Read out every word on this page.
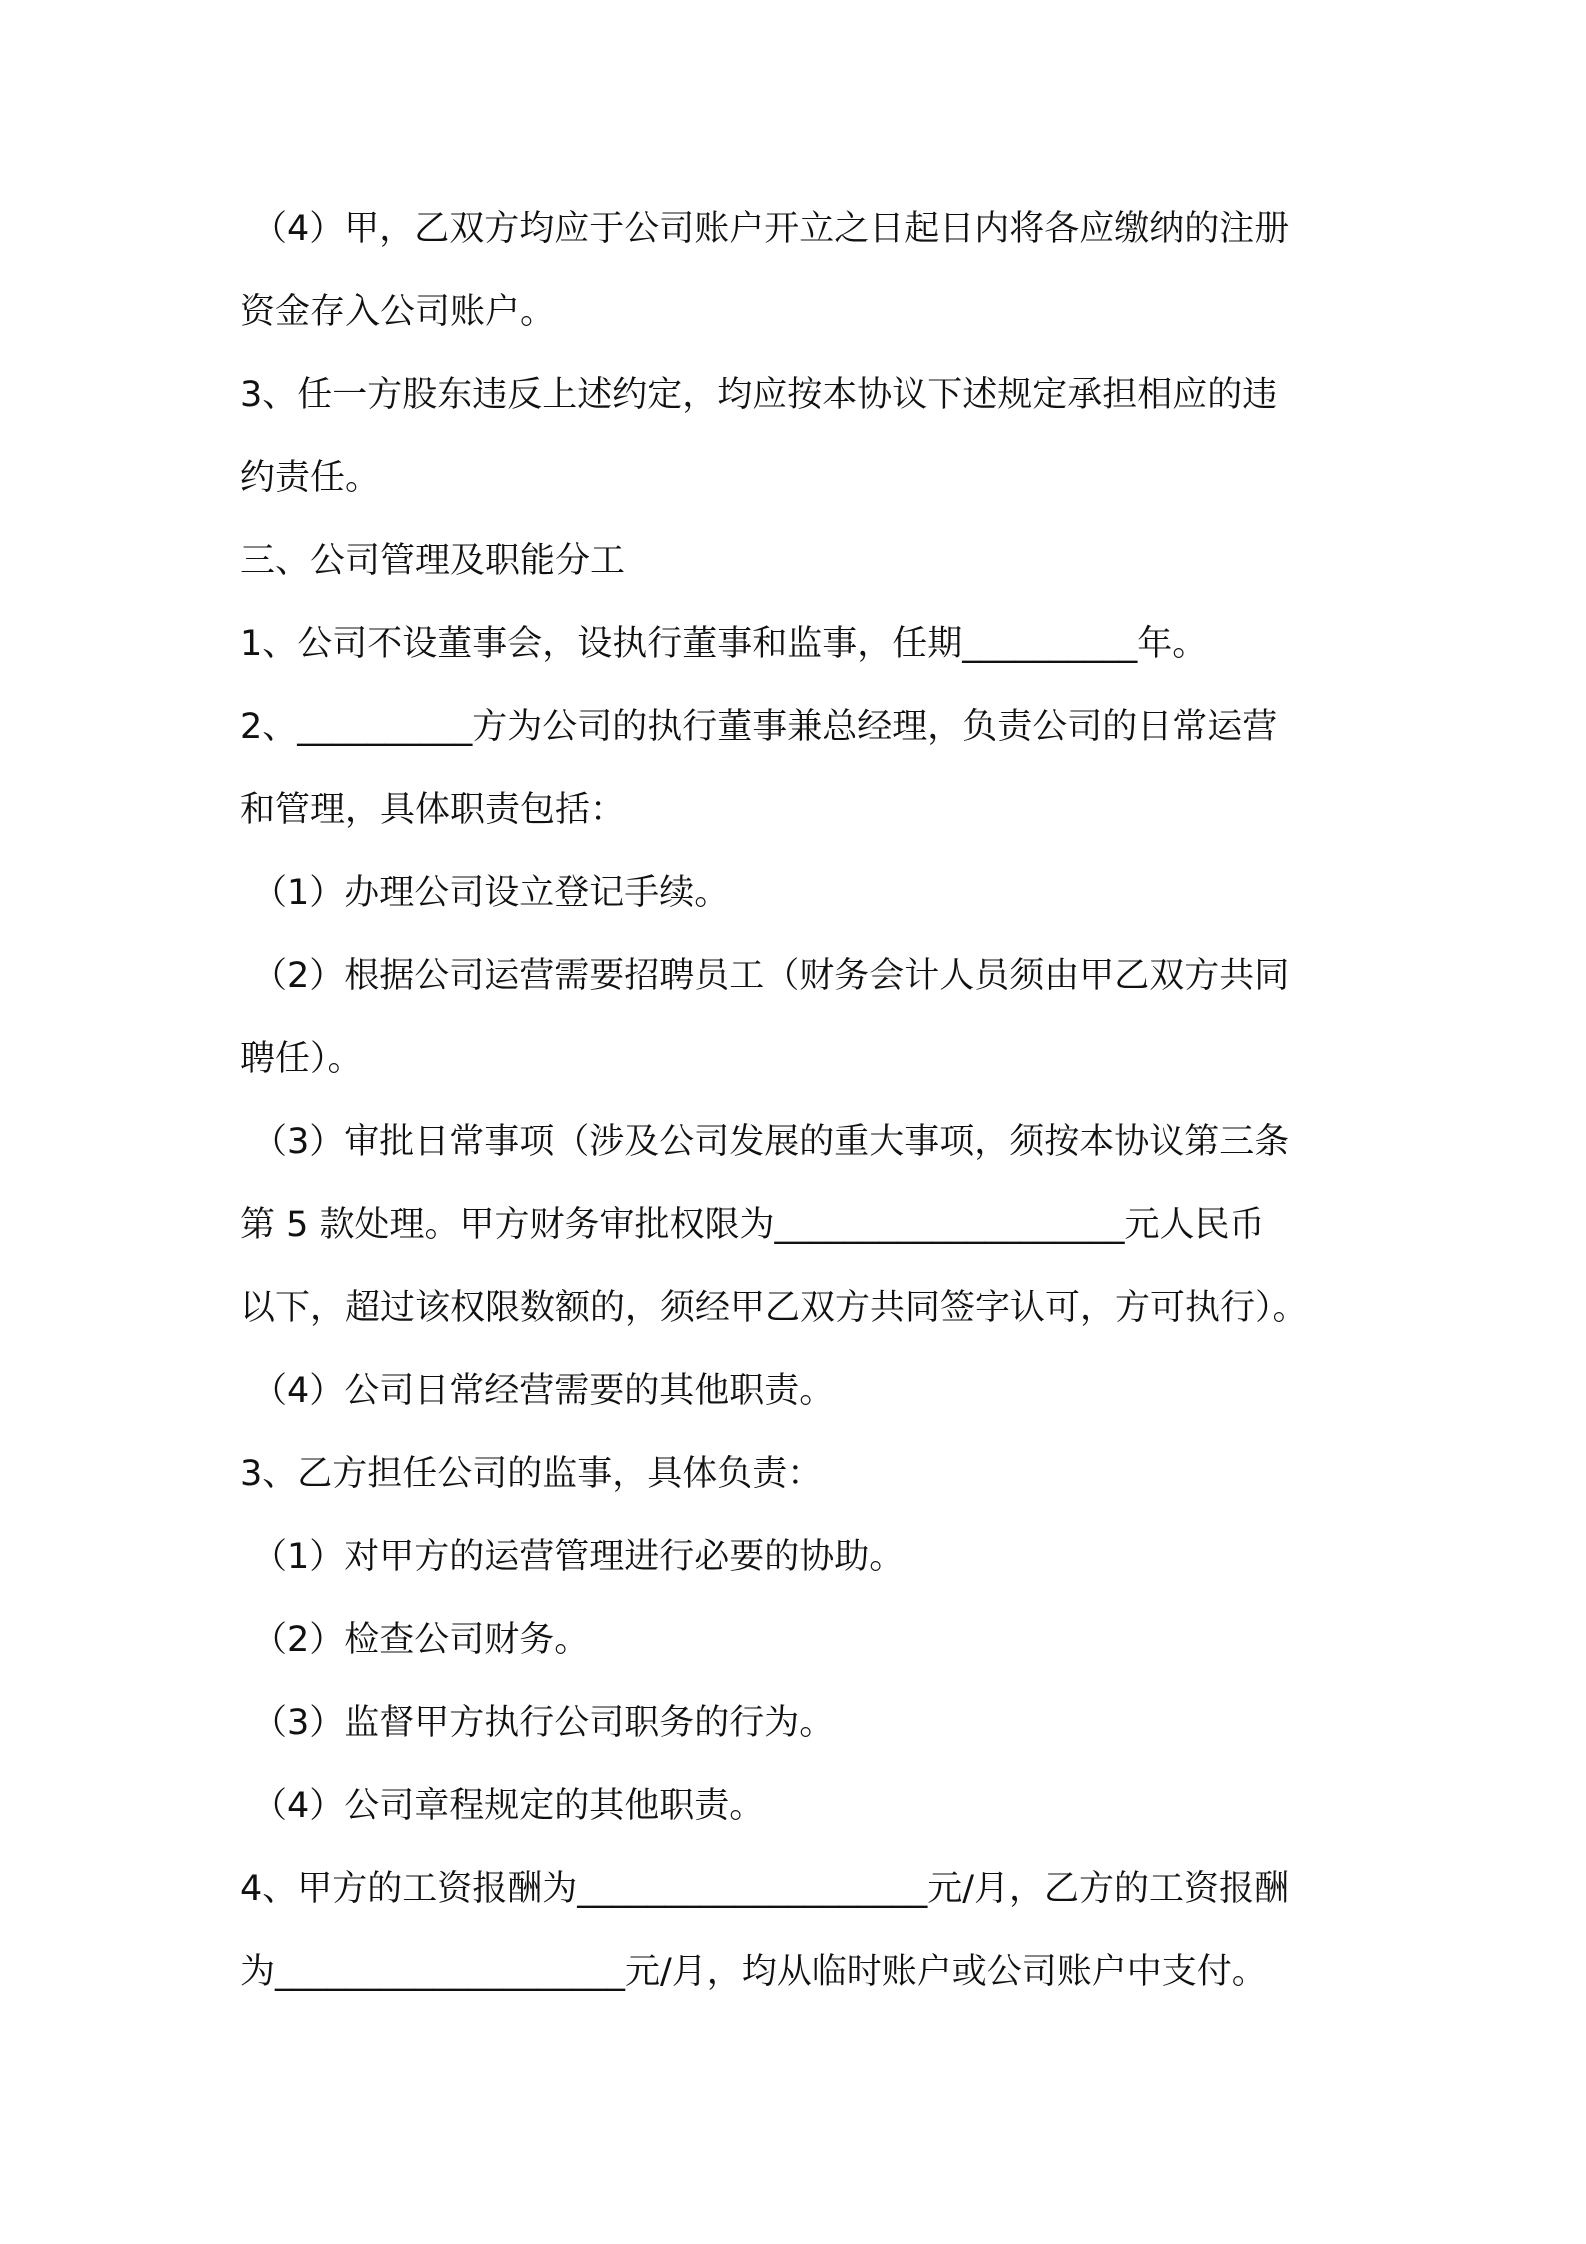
（4）甲，乙双方均应于公司账户开立之日起日内将各应缴纳的注册
资金存入公司账户。
3、任一方股东违反上述约定，均应按本协议下述规定承担相应的违
约责任。
三、公司管理及职能分工
1、公司不设董事会，设执行董事和监事，任期__________年。
2、__________方为公司的执行董事兼总经理，负责公司的日常运营
和管理，具体职责包括：
（1）办理公司设立登记手续。
（2）根据公司运营需要招聘员工（财务会计人员须由甲乙双方共同
聘任）。
（3）审批日常事项（涉及公司发展的重大事项，须按本协议第三条
第 5 款处理。甲方财务审批权限为____________________元人民币
以下，超过该权限数额的，须经甲乙双方共同签字认可，方可执行）。
（4）公司日常经营需要的其他职责。
3、乙方担任公司的监事，具体负责：
（1）对甲方的运营管理进行必要的协助。
（2）检查公司财务。
（3）监督甲方执行公司职务的行为。
（4）公司章程规定的其他职责。
4、甲方的工资报酬为____________________元/月，乙方的工资报酬
为____________________元/月，均从临时账户或公司账户中支付。
